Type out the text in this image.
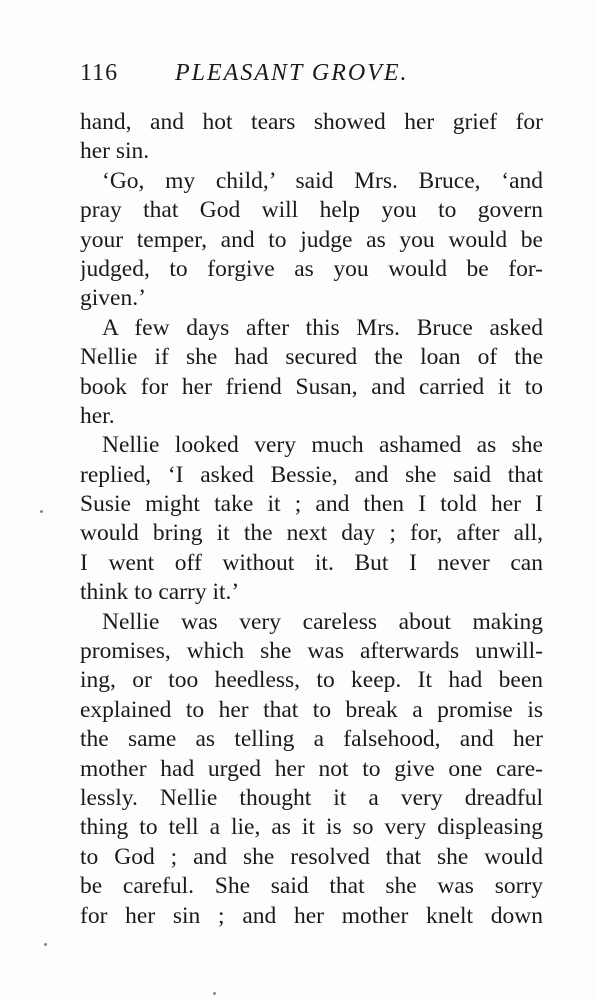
116 PLEASANT GROVE.
hand, and hot tears showed her grief for
her sin.
‘Go, my child,’ said Mrs. Bruce, ‘and
pray that God will help you to govern
your temper, and to judge as you would be
judged, to forgive as you would be for-
given.’
A few days after this Mrs. Bruce asked
Nellie if she had secured the loan of the
book for her friend Susan, and carried it to
her.
Nellie looked very much ashamed as she
replied, ‘I asked Bessie, and she said that
Susie might take it ; and then I told her I
would bring it the next day ; for, after all,
I went off without it. But I never can
think to carry it.’
Nellie was very careless about making
promises, which she was afterwards unwill-
ing, or too heedless, to keep. It had been
explained to her that to break a promise is
the same as telling a falsehood, and her
mother had urged her not to give one care-
lessly. Nellie thought it a very dreadful
thing to tell a lie, as it is so very displeasing
to God ; and she resolved that she would
be careful. She said that she was sorry
for her sin ; and her mother knelt down
